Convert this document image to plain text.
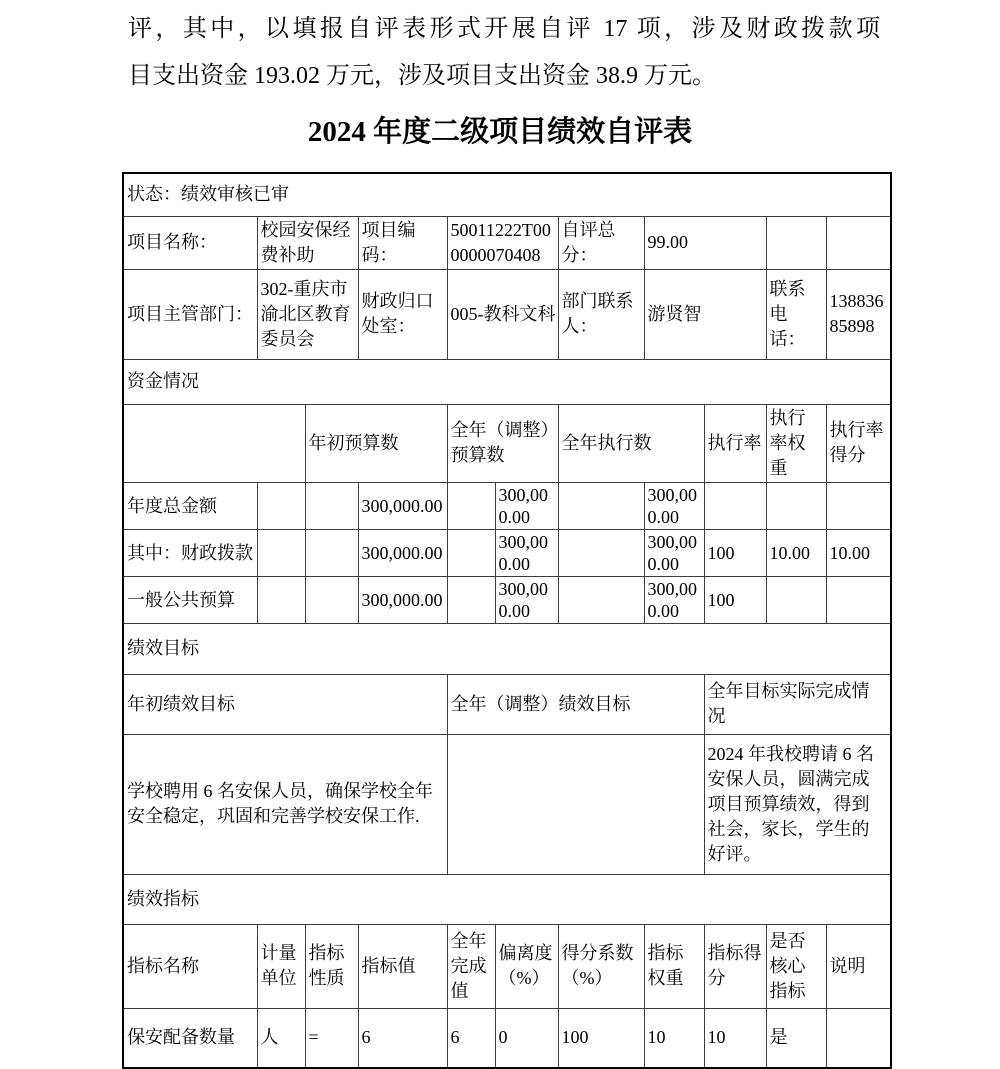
评，其中，以填报自评表形式开展自评 17 项，涉及财政拨款项
目支出资金 193.02 万元，涉及项目支出资金 38.9 万元。

2024 年度二级项目绩效自评表
状态：绩效审核已审										
项目名称：	校园安保经费补助		项目编码：	50011222T000000070408		自评总分：	99.00			
项目主管部门：	302-重庆市渝北区教育委员会		财政归口处室：	005-教科文科		部门联系人：	游贤智		联系电话：	13883685898
资金情况										
		年初预算数		全年（调整）预算数		全年执行数		执行率	执行率权重	执行率得分
年度总金额			300,000.00		300,000.00		300,000.00			
其中：财政拨款			300,000.00		300,000.00		300,000.00	100	10.00	10.00
一般公共预算			300,000.00		300,000.00		300,000.00	100		
绩效目标										
年初绩效目标				全年（调整）绩效目标				全年目标实际完成情况		
学校聘用 6 名安保人员，确保学校全年安全稳定，巩固和完善学校安保工作.								2024 年我校聘请 6 名安保人员，圆满完成项目预算绩效，得到社会，家长，学生的好评。		
绩效指标										
指标名称	计量单位	指标性质	指标值	全年完成值	偏离度（%）	得分系数（%）	指标权重	指标得分	是否核心指标	说明
保安配备数量	人	=	6	6	0	100	10	10	是	
